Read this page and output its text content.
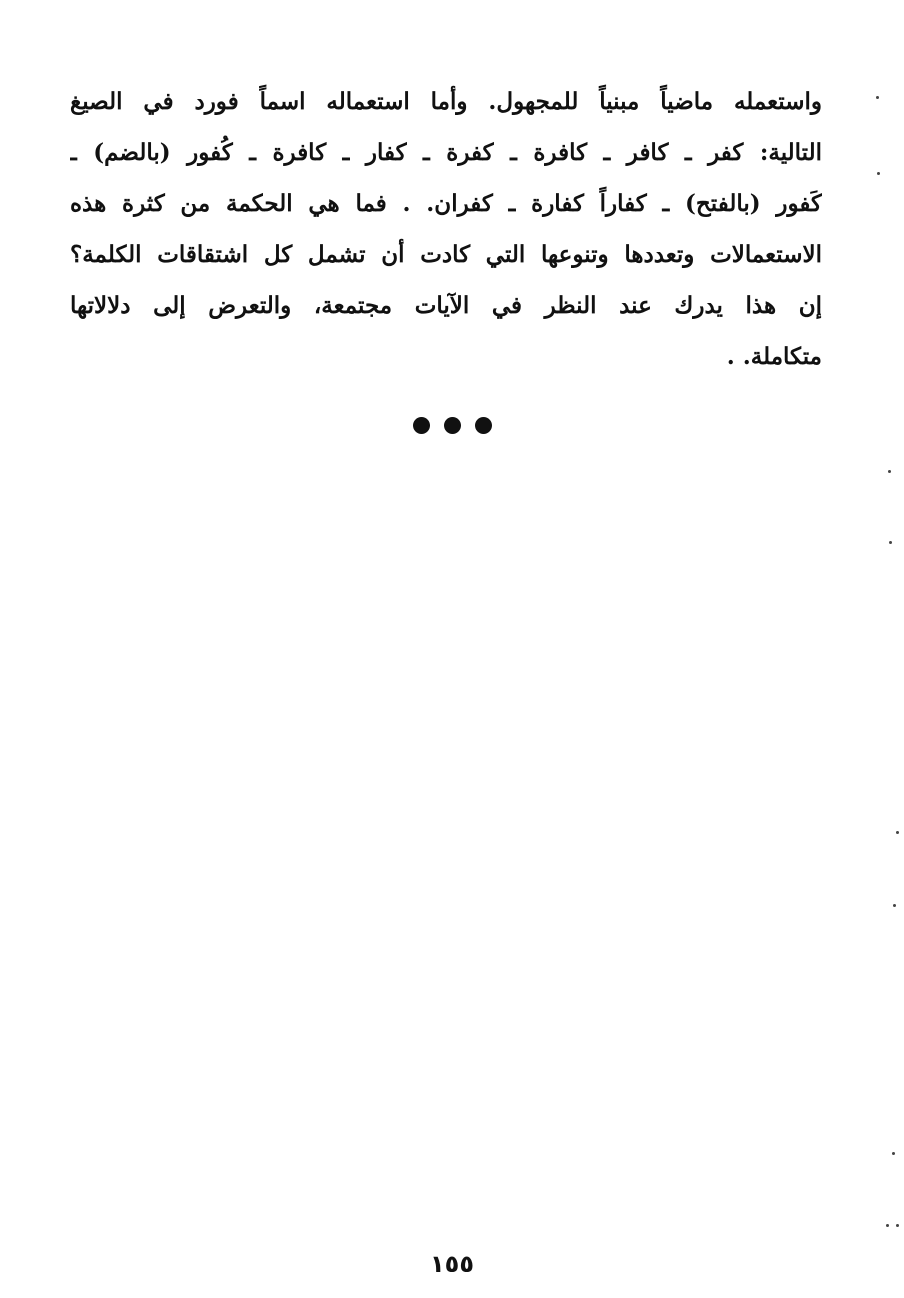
واستعمله ماضياً مبنياً للمجهول. وأما استعماله اسماً فورد في الصيغ
التالية: كفر ـ كافر ـ كافرة ـ كفرة ـ كفار ـ كافرة ـ كُفور (بالضم) ـ
كَفور (بالفتح) ـ كفاراً كفارة ـ كفران. . فما هي الحكمة من كثرة هذه
الاستعمالات وتعددها وتنوعها التي كادت أن تشمل كل اشتقاقات الكلمة؟
إن هذا يدرك عند النظر في الآيات مجتمعة، والتعرض إلى دلالاتها
متكاملة. .
١٥٥
